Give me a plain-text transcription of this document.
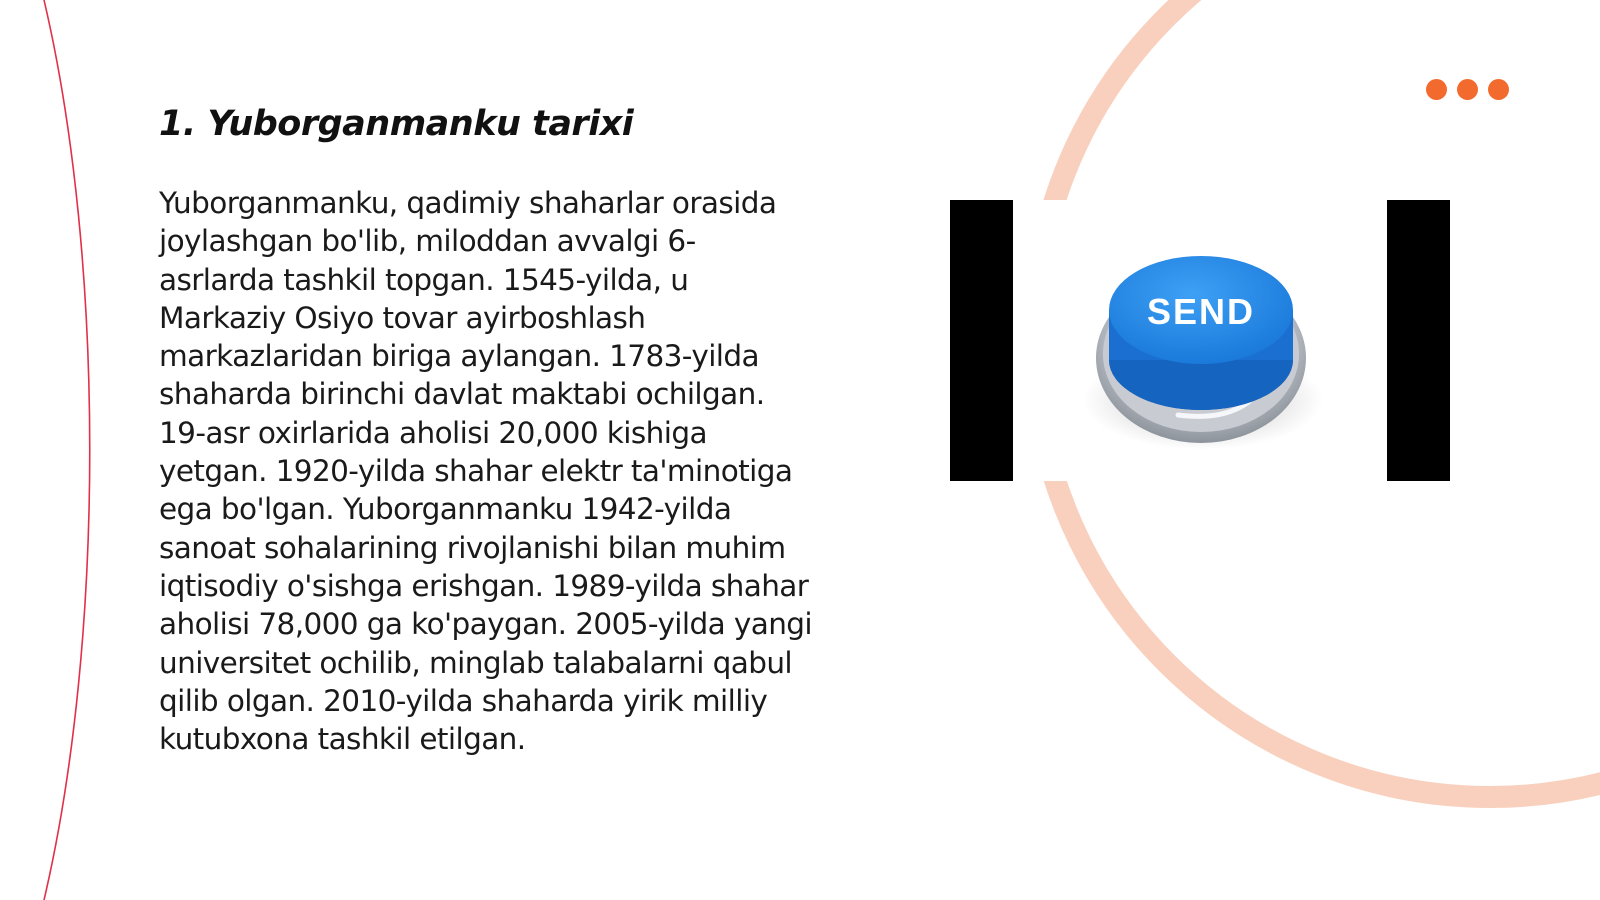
1. Yuborganmanku tarixi

Yuborganmanku, qadimiy shaharlar orasida
joylashgan bo'lib, miloddan avvalgi 6-
asrlarda tashkil topgan. 1545-yilda, u
Markaziy Osiyo tovar ayirboshlash
markazlaridan biriga aylangan. 1783-yilda
shaharda birinchi davlat maktabi ochilgan.
19-asr oxirlarida aholisi 20,000 kishiga
yetgan. 1920-yilda shahar elektr ta'minotiga
ega bo'lgan. Yuborganmanku 1942-yilda
sanoat sohalarining rivojlanishi bilan muhim
iqtisodiy o'sishga erishgan. 1989-yilda shahar
aholisi 78,000 ga ko'paygan. 2005-yilda yangi
universitet ochilib, minglab talabalarni qabul
qilib olgan. 2010-yilda shaharda yirik milliy
kutubxona tashkil etilgan.

SEND
